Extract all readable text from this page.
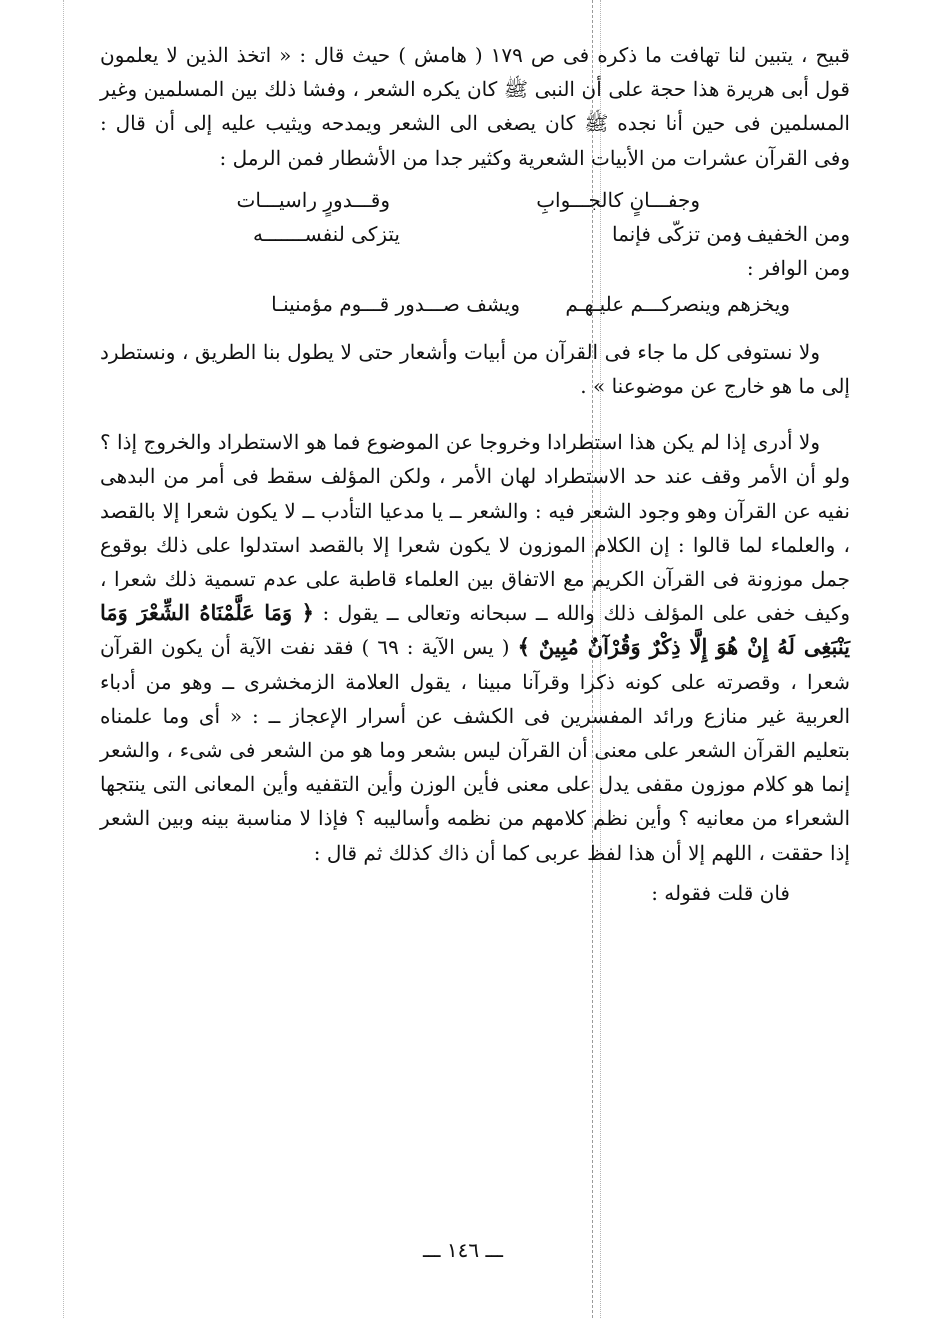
قبيح ، يتبين لنا تهافت ما ذكره فى ص ١٧٩ ( هامش ) حيث قال : « اتخذ الذين لا يعلمون قول أبى هريرة هذا حجة على أن النبى ﷺ كان يكره الشعر ، وفشا ذلك بين المسلمين وغير المسلمين فى حين أنا نجده ﷺ كان يصغى الى الشعر ويمدحه ويثيب عليه إلى أن قال : وفى القرآن عشرات من الأبيات الشعرية وكثير جدا من الأشطار فمن الرمل :

وجفـــانٍ كالجـــوابِ
وقـــدورٍ راسيـــات
ومن الخفيف :
ومن تزكّى فإنما
يتزكى لنفســـــــه
ومن الوافر :
ويخزهم وينصركـــم عليـهـم
ويشف صـــدور قـــوم مؤمنينـا

ولا نستوفى كل ما جاء فى القرآن من أبيات وأشعار حتى لا يطول بنا الطريق ، ونستطرد إلى ما هو خارج عن موضوعنا » .

ولا أدرى إذا لم يكن هذا استطرادا وخروجا عن الموضوع فما هو الاستطراد والخروج إذا ؟ ولو أن الأمر وقف عند حد الاستطراد لهان الأمر ، ولكن المؤلف سقط فى أمر من البدهى نفيه عن القرآن وهو وجود الشعر فيه : والشعر ــ يا مدعيا التأدب ــ لا يكون شعرا إلا بالقصد ، والعلماء لما قالوا : إن الكلام الموزون لا يكون شعرا إلا بالقصد استدلوا على ذلك بوقوع جمل موزونة فى القرآن الكريم مع الاتفاق بين العلماء قاطبة على عدم تسمية ذلك شعرا ، وكيف خفى على المؤلف ذلك والله ــ سبحانه وتعالى ــ يقول : ﴿ وَمَا عَلَّمْنَاهُ الشِّعْرَ وَمَا يَنْبَغِى لَهُ إِنْ هُوَ إِلَّا ذِكْرٌ وَقُرْآنٌ مُبِينٌ ﴾ ( يس الآية : ٦٩ ) فقد نفت الآية أن يكون القرآن شعرا ، وقصرته على كونه ذكرا وقرآنا مبينا ، يقول العلامة الزمخشرى ــ وهو من أدباء العربية غير منازع ورائد المفسرين فى الكشف عن أسرار الإعجاز ــ : « أى وما علمناه بتعليم القرآن الشعر على معنى أن القرآن ليس بشعر وما هو من الشعر فى شىء ، والشعر إنما هو كلام موزون مقفى يدل على معنى فأين الوزن وأين التقفيه وأين المعانى التى ينتجها الشعراء من معانيه ؟ وأين نظم كلامهم من نظمه وأساليبه ؟ فإذا لا مناسبة بينه وبين الشعر إذا حققت ، اللهم إلا أن هذا لفظ عربى كما أن ذاك كذلك ثم قال :

فان قلت فقوله :
ـــ ١٤٦ ـــ
